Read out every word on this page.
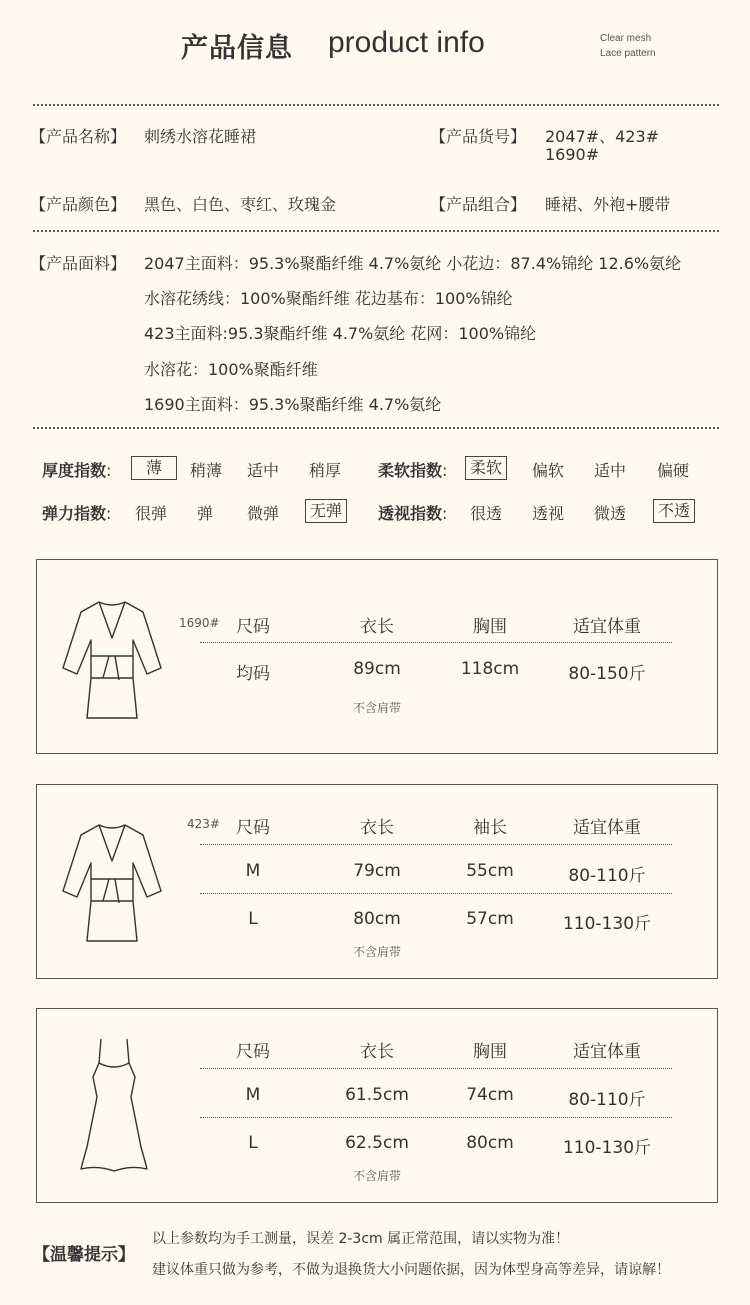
产品信息 product info	Clear mesh
Lace pattern
【产品名称】 刺绣水溶花睡裙	【产品货号】 2047#、423#
1690#
【产品颜色】 黑色、白色、枣红、玫瑰金	【产品组合】 睡裙、外袍+腰带
【产品面料】 2047主面料：95.3%聚酯纤维 4.7%氨纶 小花边：87.4%锦纶 12.6%氨纶
水溶花绣线：100%聚酯纤维 花边基布：100%锦纶
423主面料:95.3聚酯纤维 4.7%氨纶 花网：100%锦纶
水溶花：100%聚酯纤维
1690主面料：95.3%聚酯纤维 4.7%氨纶
厚度指数:	薄	稍薄 适中 稍厚 柔软指数:	柔软	偏软 适中 偏硬
弹力指数: 很弹 弹 微弹	无弹	透视指数: 很透 透视 微透	不透
1690# 尺码	衣长	胸围	适宜体重
均码	89cm	118cm	80-150斤
不含肩带
423# 尺码	衣长	袖长	适宜体重
M	79cm	55cm	80-110斤
L	80cm	57cm	110-130斤
不含肩带
尺码	衣长	胸围	适宜体重
M	61.5cm	74cm	80-110斤
L	62.5cm	80cm	110-130斤
不含肩带
【温馨提示】
以上参数均为手工测量，误差 2-3cm 属正常范围，请以实物为准！
建议体重只做为参考，不做为退换货大小问题依据，因为体型身高等差异，请谅解！
